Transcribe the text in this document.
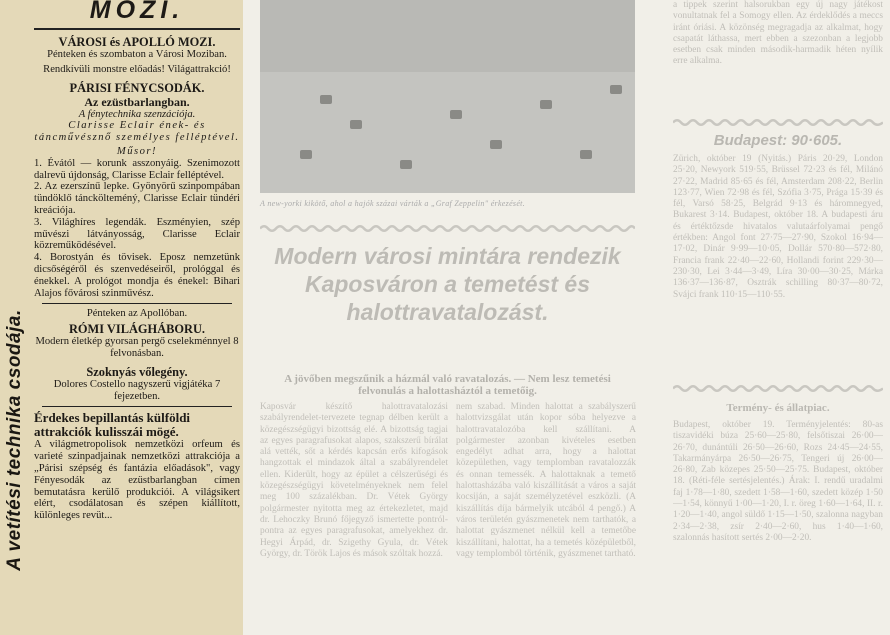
A vetítési technika csodája.
MOZI.
VÁROSI és APOLLÓ MOZI.
Pénteken és szombaton a Városi Moziban.
Rendkívüli monstre előadás! Világattrakció!
PÁRISI FÉNYCSODÁK.
Az ezüstbarlangban.
A fénytechnika szenzációja.
Clarisse Eclair ének- és táncművésznő személyes felléptével.
Műsor!
1. Évától — korunk asszonyáig. Szenimozott dalrevü újdonság, Clarisse Eclair felléptével.
2. Az ezerszínű lepke. Gyönyörű szinpompában tündöklő tánckölteméný, Clarisse Eclair tündéri kreációja.
3. Világhíres legendák. Eszményien, szép művészi látványosság, Clarisse Eclair közreműködésével.
4. Borostyán és tövisek. Eposz nemzetünk dicsőségéről és szenvedéseiről, prológgal és énekkel. A prológot mondja és énekel: Bihari Alajos fővárosi szinművész.
Pénteken az Apollóban.
RÓMI VILÁGHÁBORU.
Modern életkép gyorsan pergő cselekménnyel 8 felvonásban.
Szoknyás vőlegény.
Dolores Costello nagyszerű vigjátéka 7 fejezetben.
Érdekes bepillantás külföldi attrakciók kulisszái mögé.
A világmetropolisok nemzetközi orfeum és varieté szinpadjainak nemzetközi attrakciója a „Párisi szépség és fantázia előadások", vagy Fényesodák az ezüstbarlangban címen bemutatásra kerülő produkciói. A világsikert elért, csodálatosan és szépen kiállított, különleges revüt...
A new-yorki kikötő, ahol a hajók százai várták a „Graf Zeppelin" érkezését.
Modern városi mintára rendezik Kaposváron a temetést és halottravatalozást.
A jövőben megszűnik a házmál való ravatalozás. — Nem lesz temetési felvonulás a halottasháztól a temetőig.
Kaposvár készítő halottravatalozási szabályrendelet-tervezete tegnap délben került a közegészségügyi bizottság elé. A bizottság tagjai az egyes paragrafusokat alapos, szakszerű bírálat alá vették, sőt a kérdés kapcsán erős kifogások hangzottak el mindazok által a szabályrendelet ellen. Kiderült, hogy az épület a célszerűségi és közegészségügyi követelményeknek nem felel meg 100 százalékban. Dr. Vétek György polgármester nyitotta meg az értekezletet, majd dr. Lehoczky Brunó főjegyző ismertette pontról-pontra az egyes paragrafusokat, amelyekhez dr. Hegyi Árpád, dr. Szigethy Gyula, dr. Vétek György, dr. Török Lajos és mások szóltak hozzá.
nem szabad. Minden halottat a szabályszerű halottvizsgálat után kopor sóba helyezve a halottravatalozóba kell szállítani. A polgármester azonban kivételes esetben engedélyt adhat arra, hogy a halottat közepülethen, vagy templomban ravatalozzák és onnan temessék. A halottaknak a temető halottasházába való kiszállítását a város a saját kocsiján, a saját személyzetével eszközli. (A kiszállítás díja bármelyik utcából 4 pengő.) A város területén gyászmenetek nem tarthatók, a halottat gyászmenet nélkül kell a temetőbe kiszállítani, halottat, ha a temetés középületből, vagy templomból történik, gyászmenet tartható.
a tippek szerint halsorukban egy új nagy játékost vonultatnak fel a Somogy ellen. Az érdeklődés a meccs iránt óriási. A közönség megragadja az alkalmat, hogy csapatát láthassa, mert ebben a szezonban a legjobb esetben csak minden második-harmadik héten nyílik erre alkalma.
Budapest: 90·605.
Zürich, október 19 (Nyitás.) Páris 20·29, London 25·20, Newyork 519·55, Brüssel 72·23 és fél, Milánó 27·22, Madrid 85·65 és fél, Amsterdam 208·22, Berlin 123·77, Wien 72·98 és fél, Szófia 3·75, Prága 15·39 és fél, Varsó 58·25, Belgrád 9·13 és háromnegyed, Bukarest 3·14. Budapest, október 18. A budapesti áru és értéktőzsde hivatalos valutaárfolyamai pengő értékben: Angol font 27·75—27·90, Szokol 16·94—17·02, Dinár 9·99—10·05, Dollár 570·80—572·80, Francia frank 22·40—22·60, Hollandi forint 229·30—230·30, Lei 3·44—3·49, Líra 30·00—30·25, Márka 136·37—136·87, Osztrák schilling 80·37—80·72, Svájci frank 110·15—110·55.
Termény- és állatpiac.
Budapest, október 19. Terményjelentés: 80-as tiszavidéki búza 25·60—25·80, felsőtiszai 26·00—26·70, dunántúli 26·50—26·60, Rozs 24·45—24·55, Takarmányárpa 26·50—26·75, Tengeri új 26·00—26·80, Zab közepes 25·50—25·75. Budapest, október 18. (Réti-féle sertésjelentés.) Árak: I. rendű uradalmi faj 1·78—1·80, szedett 1·58—1·60, szedett közép 1·50—1·54, könnyű 1·00—1·20, I. r. öreg 1·60—1·64, II. r. 1·20—1·40, angol süldő 1·15—1·50, szalonna nagyban 2·34—2·38, zsír 2·40—2·60, hus 1·40—1·60, szalonnás hasított sertés 2·00—2·20.
